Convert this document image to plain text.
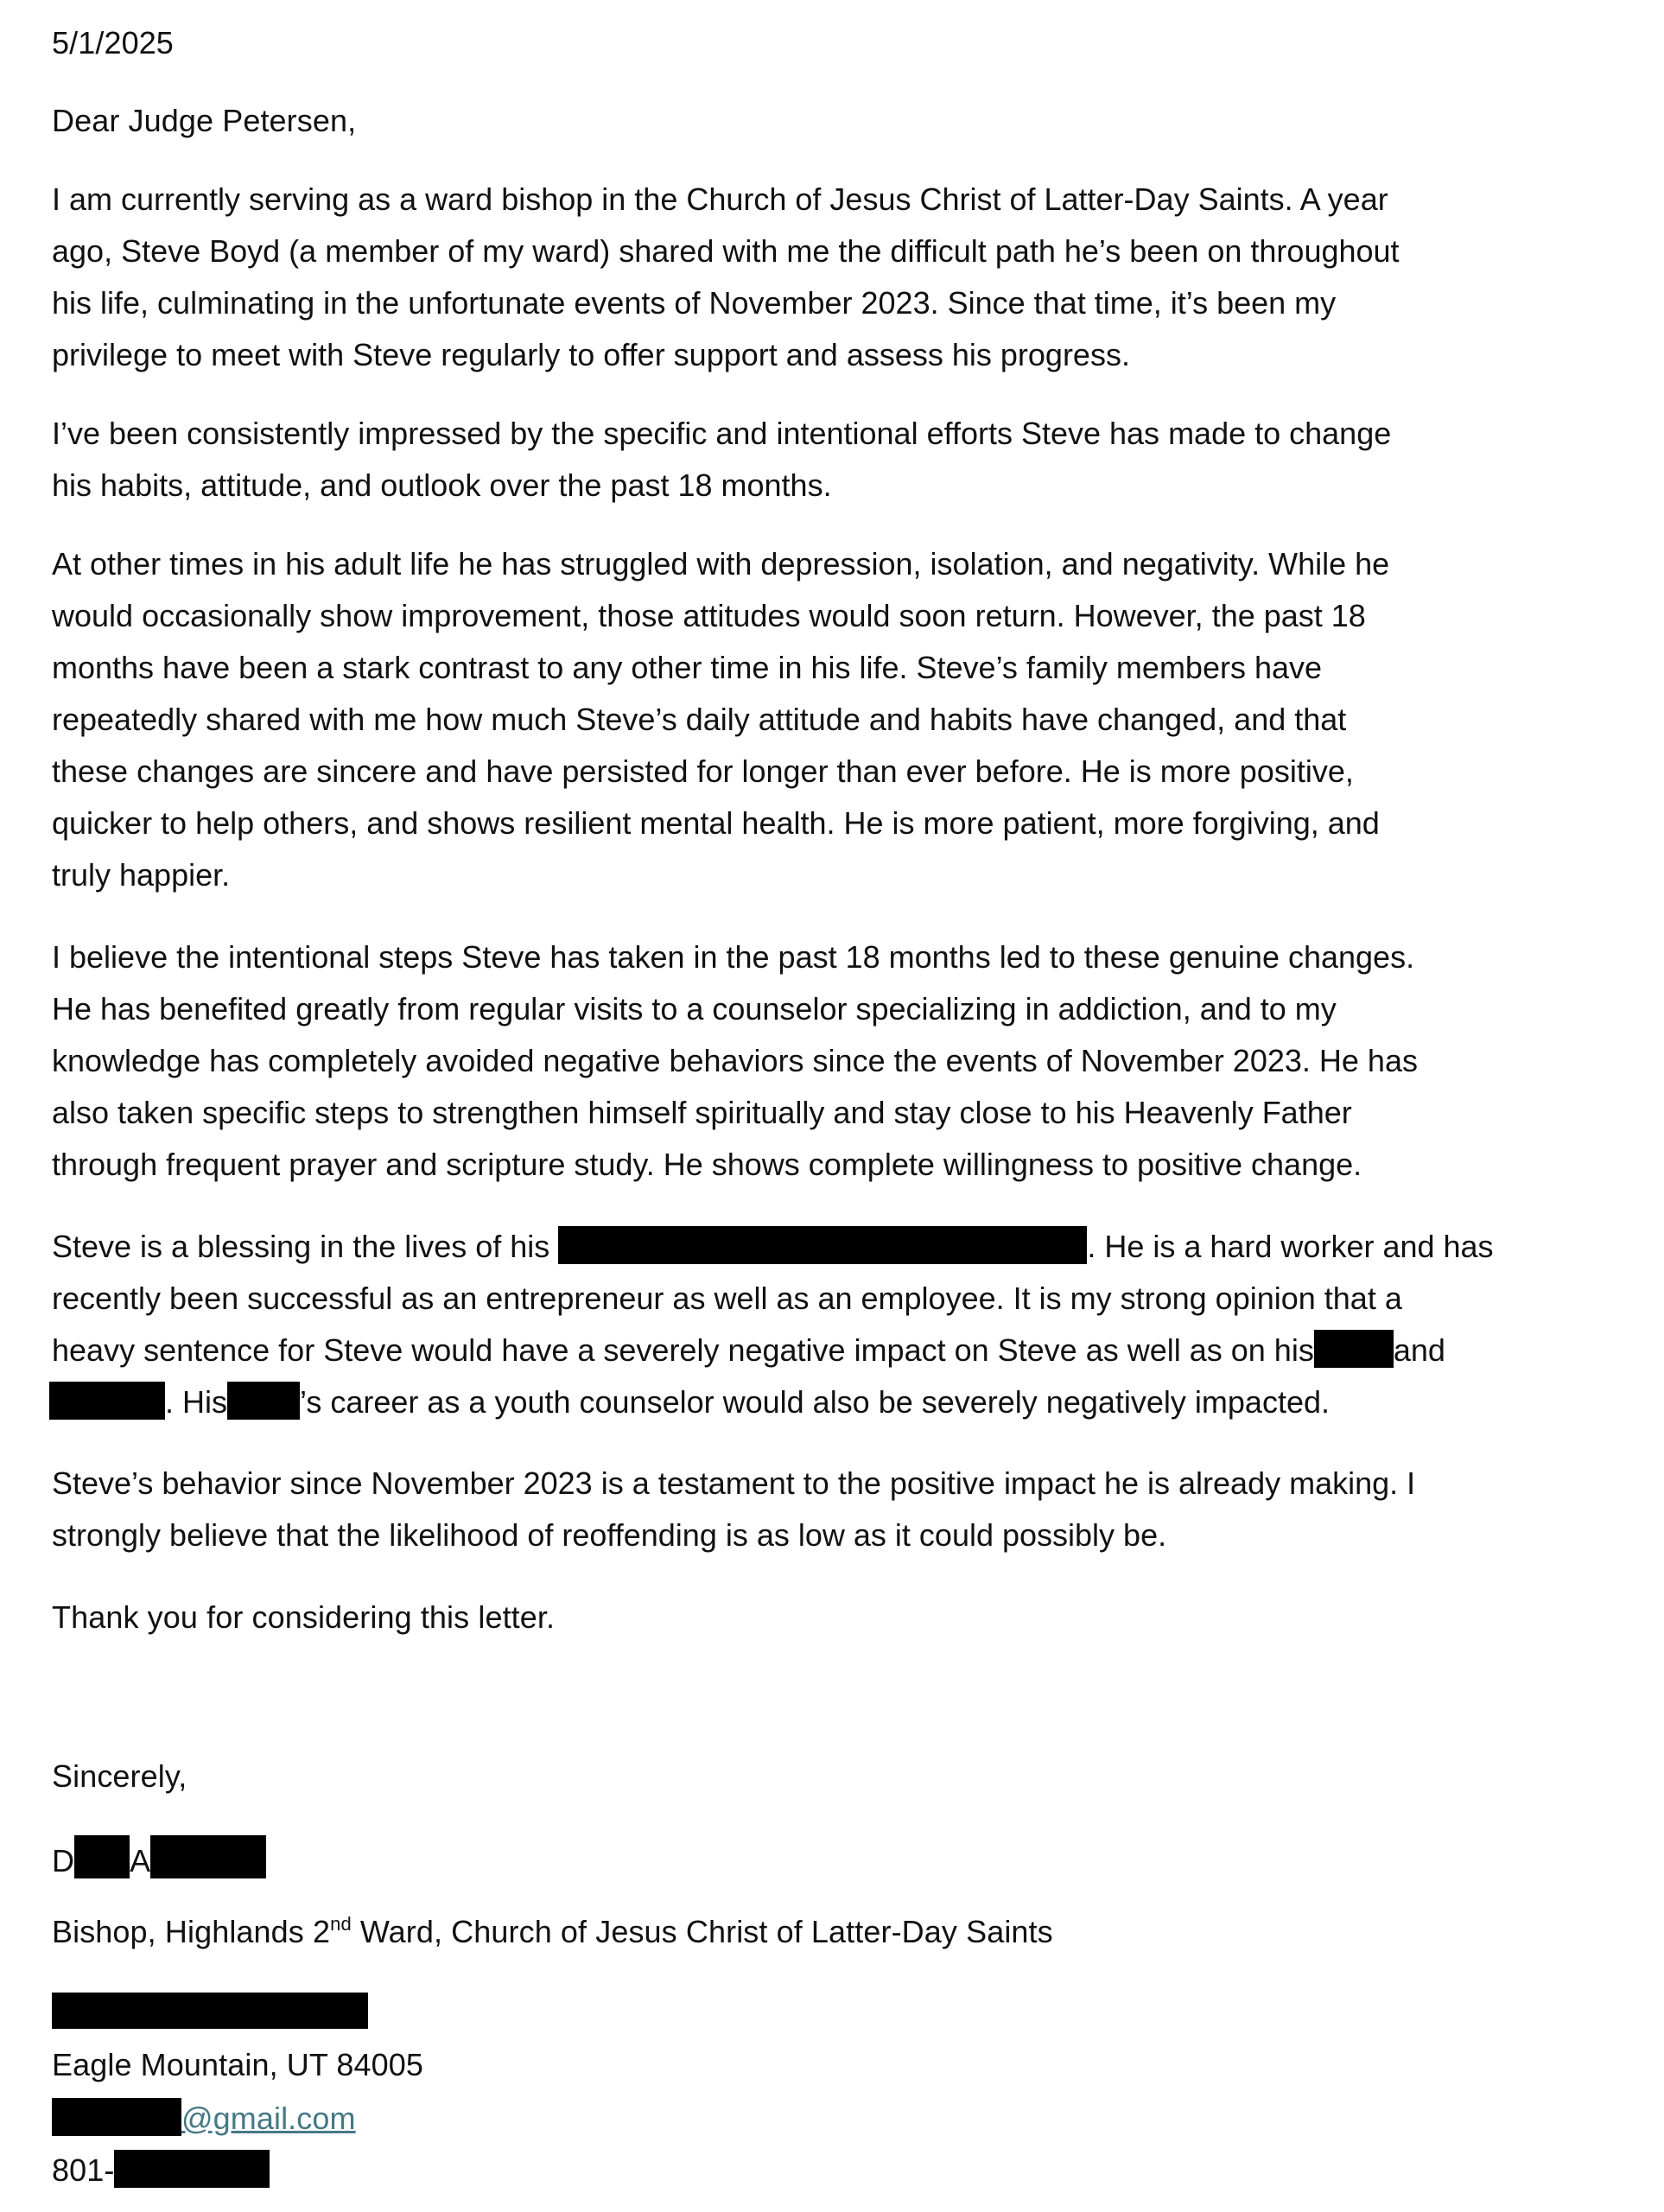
5/1/2025
Dear Judge Petersen,
I am currently serving as a ward bishop in the Church of Jesus Christ of Latter-Day Saints. A year
ago, Steve Boyd (a member of my ward) shared with me the difficult path he’s been on throughout
his life, culminating in the unfortunate events of November 2023. Since that time, it’s been my
privilege to meet with Steve regularly to offer support and assess his progress.
I’ve been consistently impressed by the specific and intentional efforts Steve has made to change
his habits, attitude, and outlook over the past 18 months.
At other times in his adult life he has struggled with depression, isolation, and negativity. While he
would occasionally show improvement, those attitudes would soon return. However, the past 18
months have been a stark contrast to any other time in his life. Steve’s family members have
repeatedly shared with me how much Steve’s daily attitude and habits have changed, and that
these changes are sincere and have persisted for longer than ever before. He is more positive,
quicker to help others, and shows resilient mental health. He is more patient, more forgiving, and
truly happier.
I believe the intentional steps Steve has taken in the past 18 months led to these genuine changes.
He has benefited greatly from regular visits to a counselor specializing in addiction, and to my
knowledge has completely avoided negative behaviors since the events of November 2023. He has
also taken specific steps to strengthen himself spiritually and stay close to his Heavenly Father
through frequent prayer and scripture study. He shows complete willingness to positive change.
Steve is a blessing in the lives of his	. He is a hard worker and has
recently been successful as an entrepreneur as well as an employee. It is my strong opinion that a
heavy sentence for Steve would have a severely negative impact on Steve as well as on his	and
. His ’s career as a youth counselor would also be severely negatively impacted.
Steve’s behavior since November 2023 is a testament to the positive impact he is already making. I
strongly believe that the likelihood of reoffending is as low as it could possibly be.
Thank you for considering this letter.
Sincerely,
D A
Bishop, Highlands 2nd Ward, Church of Jesus Christ of Latter-Day Saints
Eagle Mountain, UT 84005
@gmail.com
801-
